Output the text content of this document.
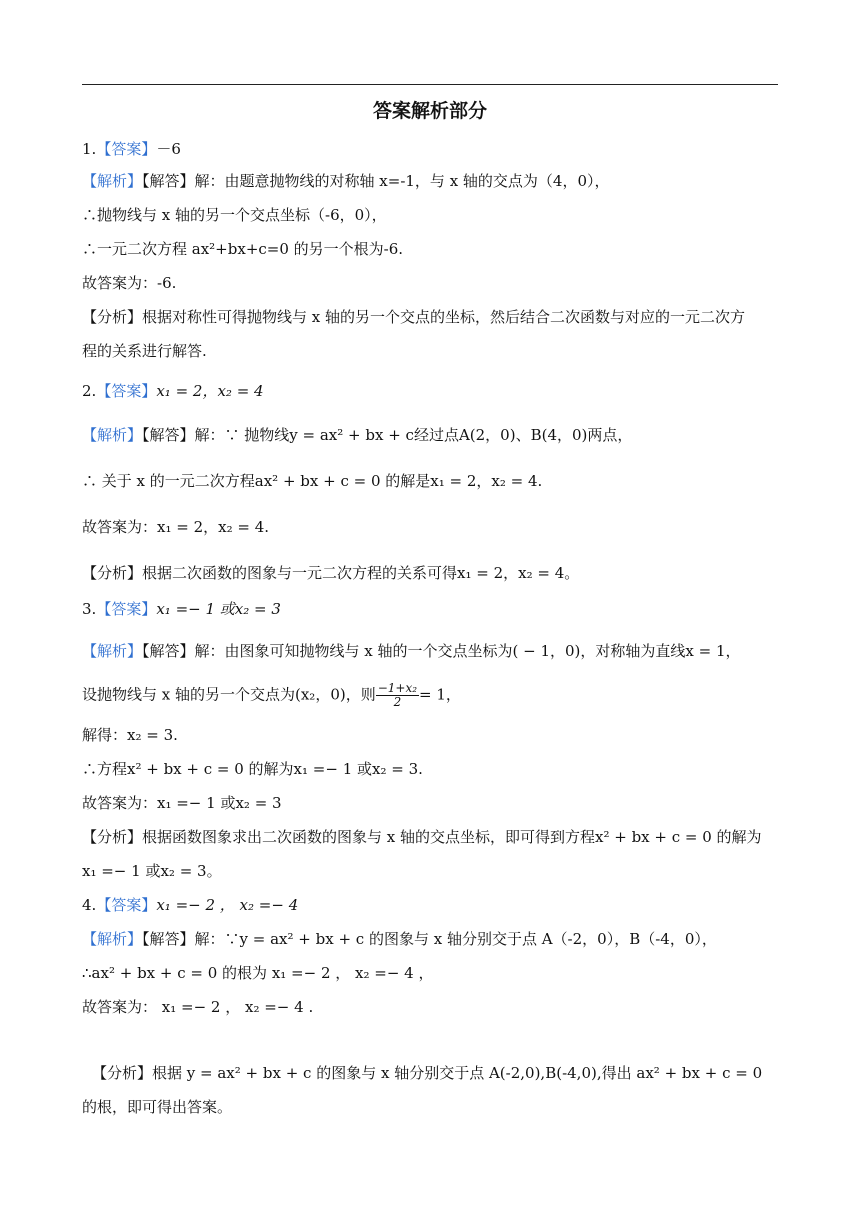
答案解析部分
1.【答案】－6
【解析】【解答】解：由题意抛物线的对称轴 x=-1，与 x 轴的交点为（4，0），
∴抛物线与 x 轴的另一个交点坐标（-6，0），
∴一元二次方程 ax²+bx+c=0 的另一个根为-6.
故答案为：-6.
【分析】根据对称性可得抛物线与 x 轴的另一个交点的坐标，然后结合二次函数与对应的一元二次方
程的关系进行解答.
2.【答案】x₁ = 2，x₂ = 4
【解析】【解答】解：∵ 抛物线y = ax² + bx + c经过点A(2，0)、B(4，0)两点，
∴ 关于 x 的一元二次方程ax² + bx + c = 0 的解是x₁ = 2，x₂ = 4.
故答案为：x₁ = 2，x₂ = 4.
【分析】根据二次函数的图象与一元二次方程的关系可得x₁ = 2，x₂ = 4。
3.【答案】x₁ =− 1 或x₂ = 3
【解析】【解答】解：由图象可知抛物线与 x 轴的一个交点坐标为( − 1，0)，对称轴为直线x = 1，
设抛物线与 x 轴的另一个交点为(x₂，0)，则 $\frac{\text{−1+x₂}}{2} = 1$，
解得：x₂ = 3.
∴方程x² + bx + c = 0 的解为x₁ =− 1 或x₂ = 3.
故答案为：x₁ =− 1 或x₂ = 3
【分析】根据函数图象求出二次函数的图象与 x 轴的交点坐标，即可得到方程x² + bx + c = 0 的解为
x₁ =− 1 或x₂ = 3。
4.【答案】x₁ =− 2 ， x₂ =− 4
【解析】【解答】解：∵y = ax² + bx + c 的图象与 x 轴分别交于点 A（-2，0），B（-4，0），
∴ax² + bx + c = 0 的根为 x₁ =− 2 ， x₂ =− 4 ，
故答案为： x₁ =− 2 ， x₂ =− 4 .
【分析】根据 y = ax² + bx + c 的图象与 x 轴分别交于点 A(-2,0),B(-4,0),得出 ax² + bx + c = 0
的根，即可得出答案。
